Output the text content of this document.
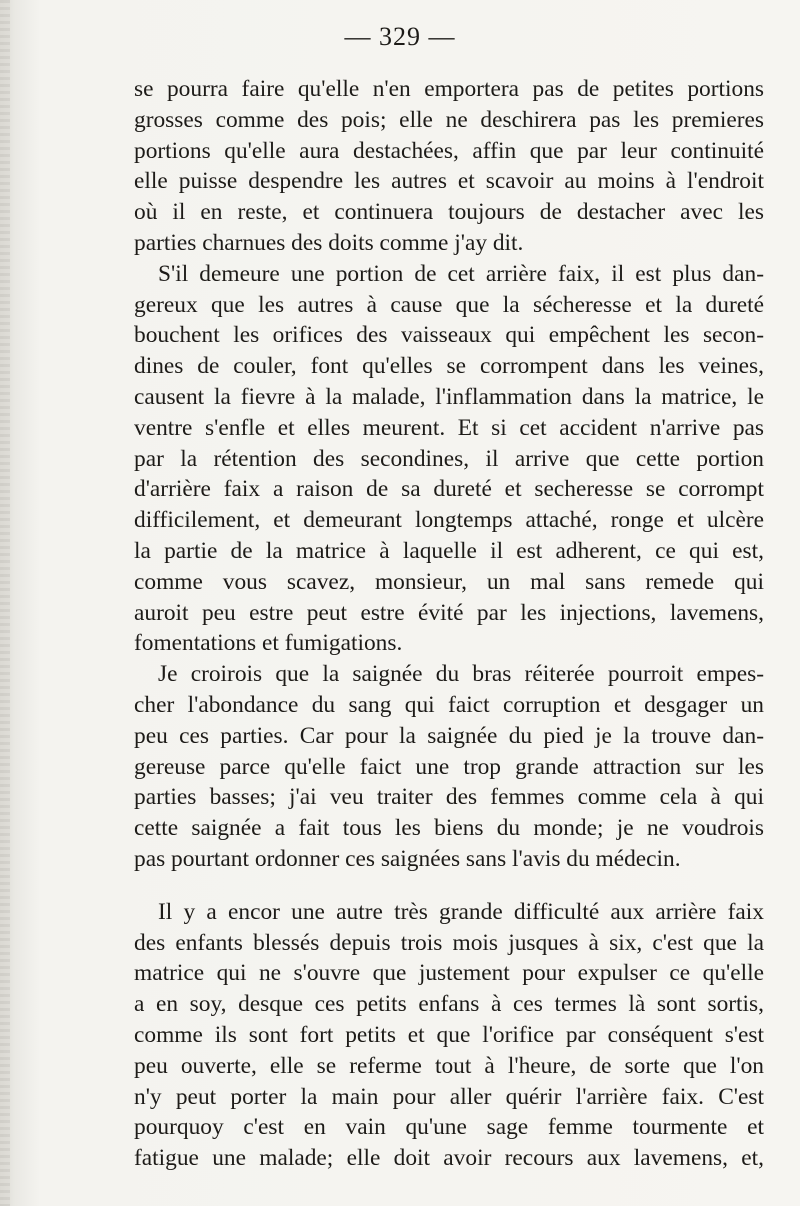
— 329 —
se pourra faire qu'elle n'en emportera pas de petites portions
grosses comme des pois; elle ne deschirera pas les premieres
portions qu'elle aura destachées, affin que par leur continuité
elle puisse despendre les autres et scavoir au moins à l'endroit
où il en reste, et continuera toujours de destacher avec les
parties charnues des doits comme j'ay dit.
S'il demeure une portion de cet arrière faix, il est plus dan-
gereux que les autres à cause que la sécheresse et la dureté
bouchent les orifices des vaisseaux qui empêchent les secon-
dines de couler, font qu'elles se corrompent dans les veines,
causent la fievre à la malade, l'inflammation dans la matrice, le
ventre s'enfle et elles meurent. Et si cet accident n'arrive pas
par la rétention des secondines, il arrive que cette portion
d'arrière faix a raison de sa dureté et secheresse se corrompt
difficilement, et demeurant longtemps attaché, ronge et ulcère
la partie de la matrice à laquelle il est adherent, ce qui est,
comme vous scavez, monsieur, un mal sans remede qui
auroit peu estre peut estre évité par les injections, lavemens,
fomentations et fumigations.
Je croirois que la saignée du bras réiterée pourroit empes-
cher l'abondance du sang qui faict corruption et desgager un
peu ces parties. Car pour la saignée du pied je la trouve dan-
gereuse parce qu'elle faict une trop grande attraction sur les
parties basses; j'ai veu traiter des femmes comme cela à qui
cette saignée a fait tous les biens du monde; je ne voudrois
pas pourtant ordonner ces saignées sans l'avis du médecin.
Il y a encor une autre très grande difficulté aux arrière faix
des enfants blessés depuis trois mois jusques à six, c'est que la
matrice qui ne s'ouvre que justement pour expulser ce qu'elle
a en soy, desque ces petits enfans à ces termes là sont sortis,
comme ils sont fort petits et que l'orifice par conséquent s'est
peu ouverte, elle se referme tout à l'heure, de sorte que l'on
n'y peut porter la main pour aller quérir l'arrière faix. C'est
pourquoy c'est en vain qu'une sage femme tourmente et
fatigue une malade; elle doit avoir recours aux lavemens, et,
